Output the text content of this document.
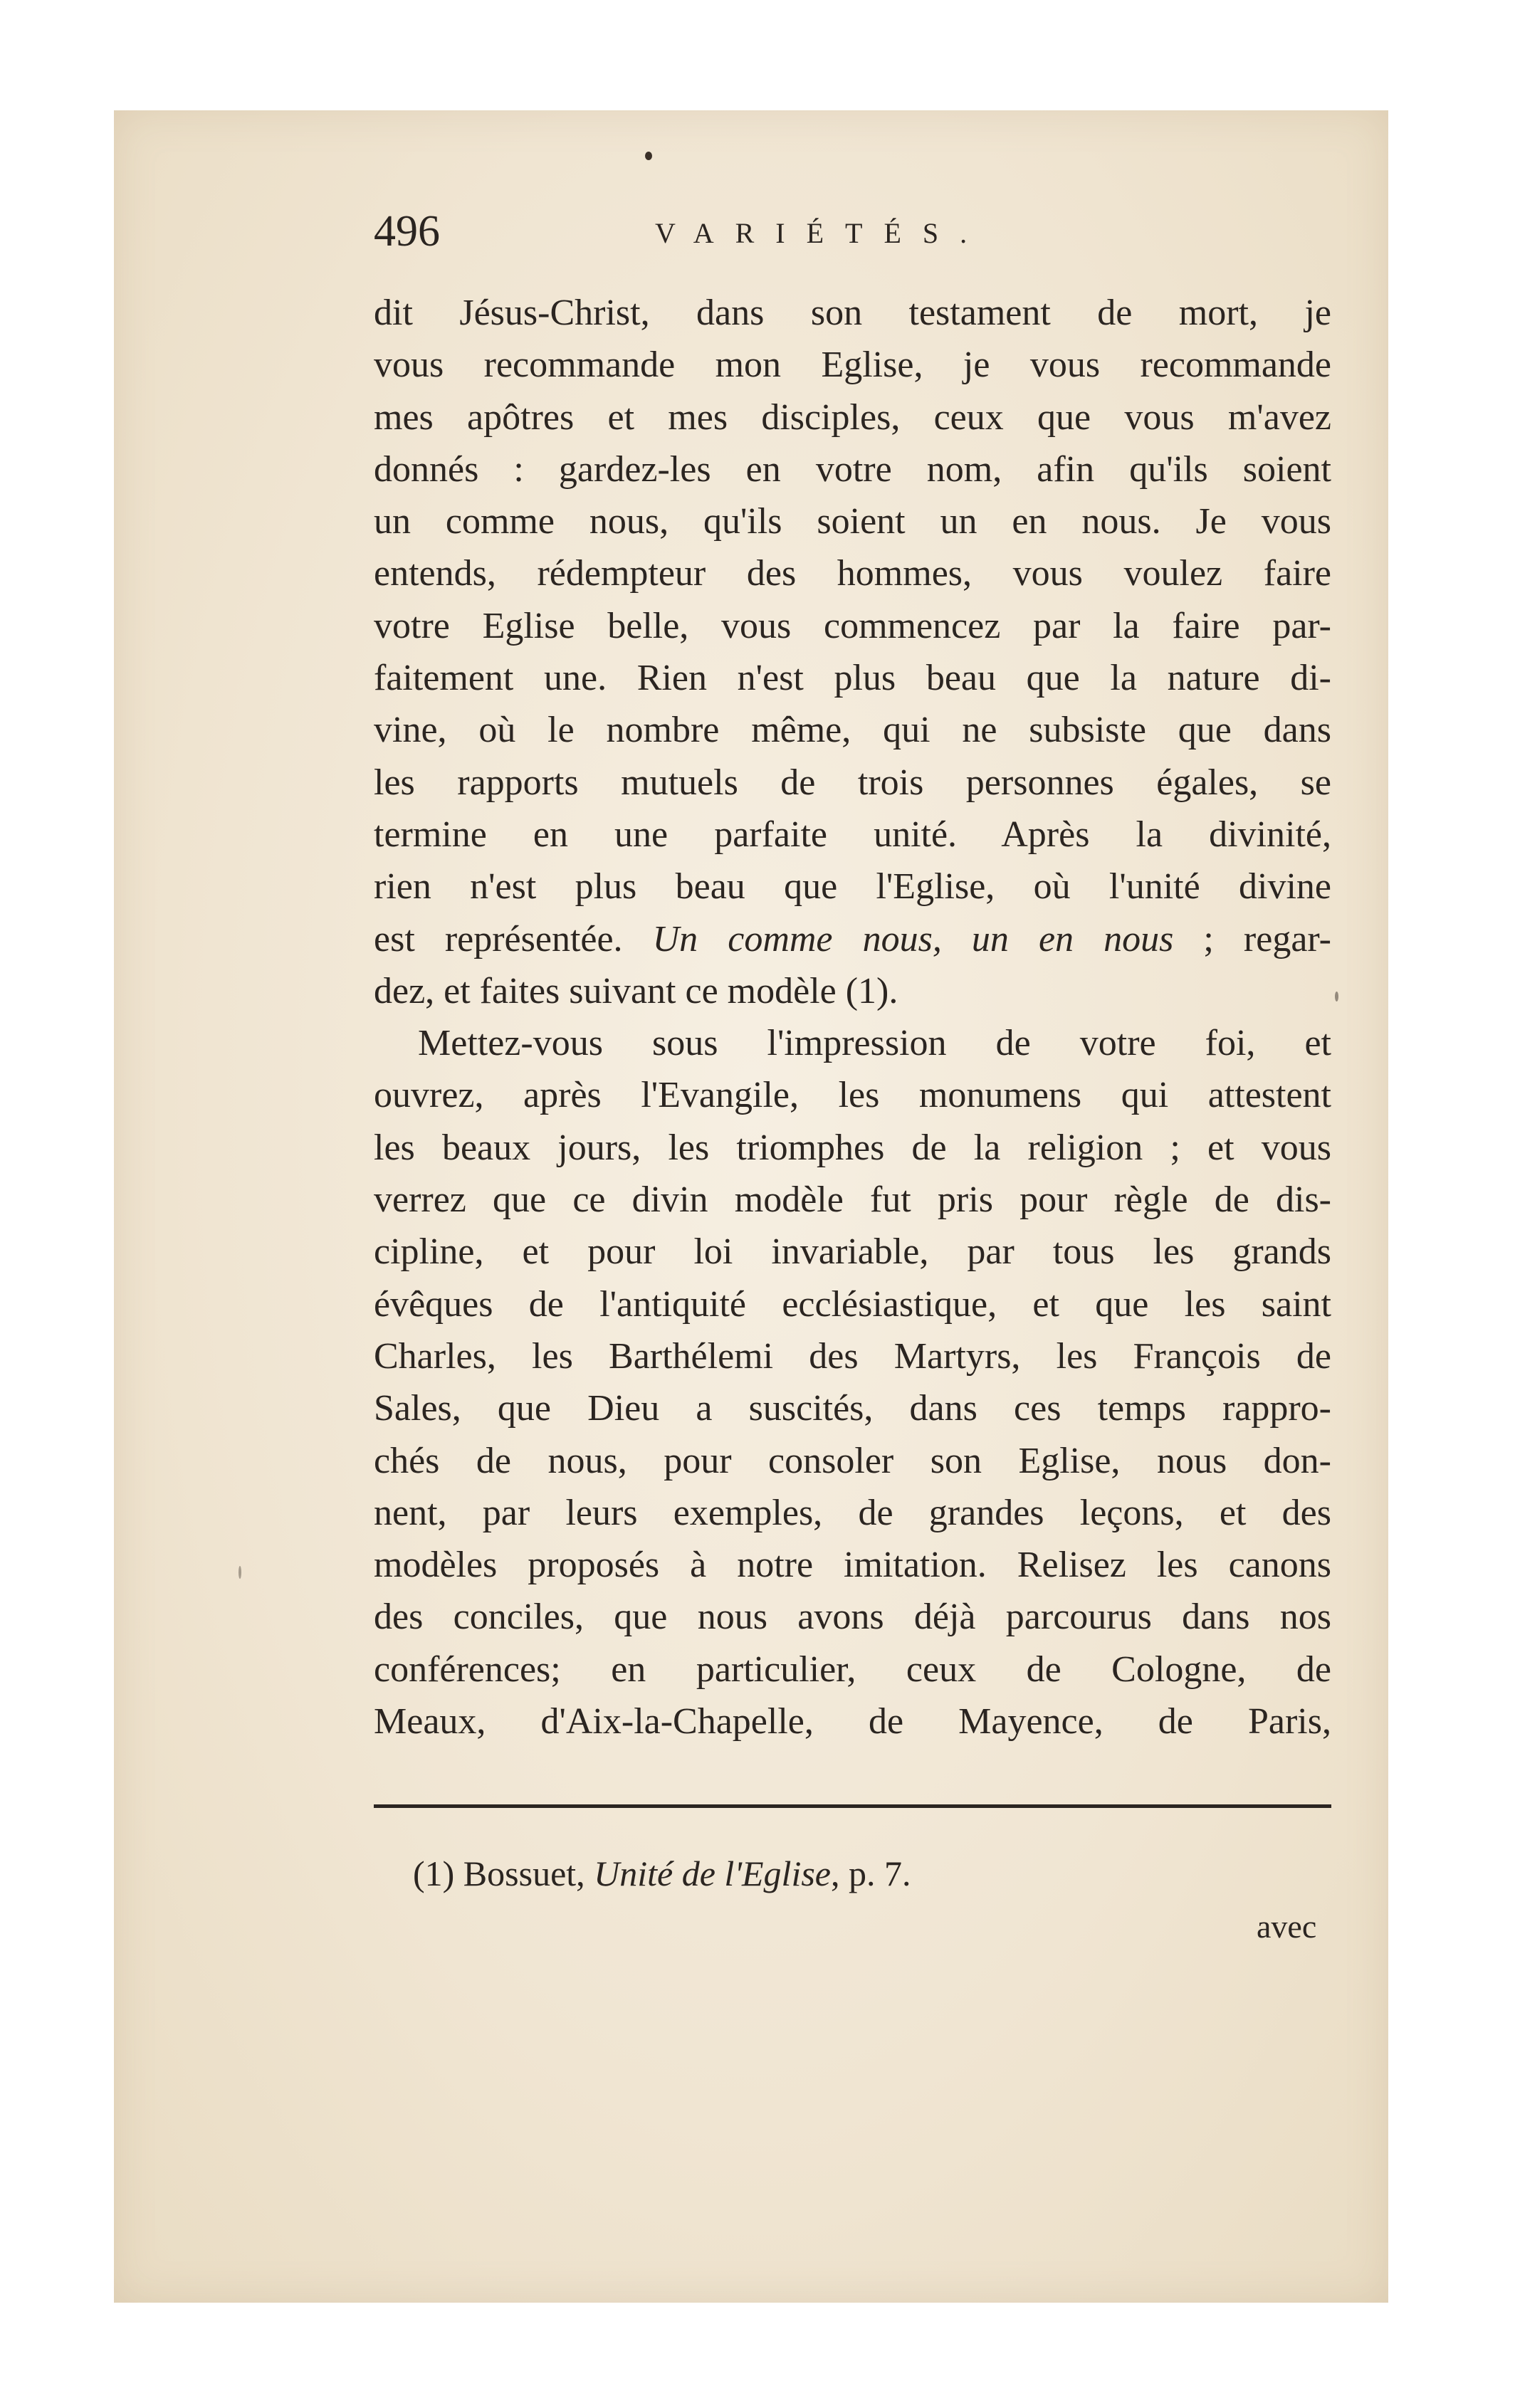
496	VARIÉTÉS.
dit Jésus-Christ, dans son testament de mort, je
vous recommande mon Eglise, je vous recommande
mes apôtres et mes disciples, ceux que vous m'avez
donnés : gardez-les en votre nom, afin qu'ils soient
un comme nous, qu'ils soient un en nous. Je vous
entends, rédempteur des hommes, vous voulez faire
votre Eglise belle, vous commencez par la faire par-
faitement une. Rien n'est plus beau que la nature di-
vine, où le nombre même, qui ne subsiste que dans
les rapports mutuels de trois personnes égales, se
termine en une parfaite unité. Après la divinité,
rien n'est plus beau que l'Eglise, où l'unité divine
est représentée. Un comme nous, un en nous ; regar-
dez, et faites suivant ce modèle (1).
Mettez-vous sous l'impression de votre foi, et
ouvrez, après l'Evangile, les monumens qui attestent
les beaux jours, les triomphes de la religion ; et vous
verrez que ce divin modèle fut pris pour règle de dis-
cipline, et pour loi invariable, par tous les grands
évêques de l'antiquité ecclésiastique, et que les saint
Charles, les Barthélemi des Martyrs, les François de
Sales, que Dieu a suscités, dans ces temps rappro-
chés de nous, pour consoler son Eglise, nous don-
nent, par leurs exemples, de grandes leçons, et des
modèles proposés à notre imitation. Relisez les canons
des conciles, que nous avons déjà parcourus dans nos
conférences; en particulier, ceux de Cologne, de
Meaux, d'Aix-la-Chapelle, de Mayence, de Paris,
(1) Bossuet, Unité de l'Eglise, p. 7.
avec
